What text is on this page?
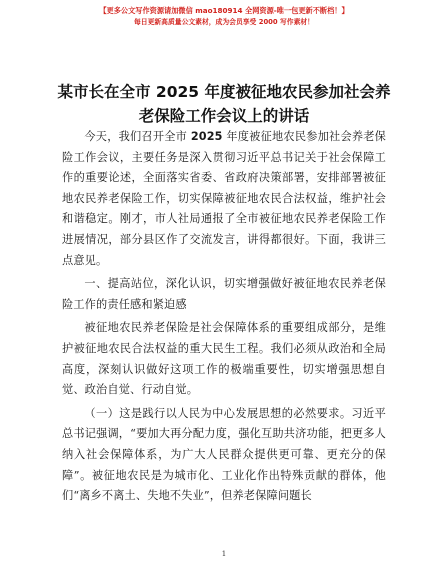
【更多公文写作资源请加微信 mao180914 全网资源-唯一包更新不断档！】
每日更新高质量公文素材，成为会员享受 2000 写作素材！
某市长在全市 2025 年度被征地农民参加社会养
老保险工作会议上的讲话

今天，我们召开全市 2025 年度被征地农民参加社会养老保险工作会议，主要任务是深入贯彻习近平总书记关于社会保障工作的重要论述，全面落实省委、省政府决策部署，安排部署被征地农民养老保险工作，切实保障被征地农民合法权益，维护社会和谐稳定。刚才，市人社局通报了全市被征地农民养老保险工作进展情况，部分县区作了交流发言，讲得都很好。下面，我讲三点意见。

一、提高站位，深化认识，切实增强做好被征地农民养老保险工作的责任感和紧迫感

被征地农民养老保险是社会保障体系的重要组成部分，是维护被征地农民合法权益的重大民生工程。我们必须从政治和全局高度，深刻认识做好这项工作的极端重要性，切实增强思想自觉、政治自觉、行动自觉。

（一）这是践行以人民为中心发展思想的必然要求。习近平总书记强调，“要加大再分配力度，强化互助共济功能，把更多人纳入社会保障体系，为广大人民群众提供更可靠、更充分的保障”。被征地农民是为城市化、工业化作出特殊贡献的群体，他们“离乡不离土、失地不失业”，但养老保障问题长

1
